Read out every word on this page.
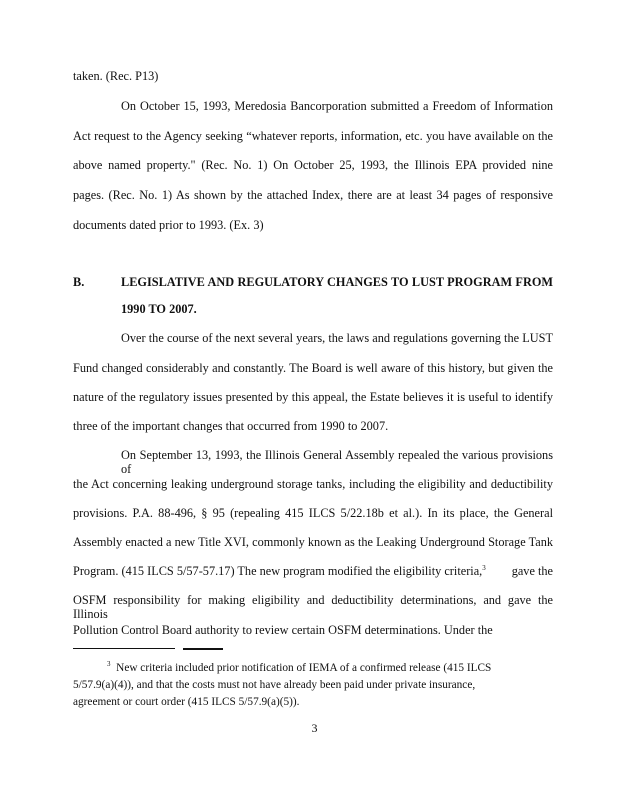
taken. (Rec. P13)
On October 15, 1993, Meredosia Bancorporation submitted a Freedom of Information
Act request to the Agency seeking “whatever reports, information, etc. you have available on the
above named property." (Rec. No. 1) On October 25, 1993, the Illinois EPA provided nine
pages. (Rec. No. 1) As shown by the attached Index, there are at least 34 pages of responsive
documents dated prior to 1993. (Ex. 3)
B.	LEGISLATIVE AND REGULATORY CHANGES TO LUST PROGRAM FROM
1990 TO 2007.
Over the course of the next several years, the laws and regulations governing the LUST
Fund changed considerably and constantly. The Board is well aware of this history, but given the
nature of the regulatory issues presented by this appeal, the Estate believes it is useful to identify
three of the important changes that occurred from 1990 to 2007.
On September 13, 1993, the Illinois General Assembly repealed the various provisions of
the Act concerning leaking underground storage tanks, including the eligibility and deductibility
provisions. P.A. 88-496, § 95 (repealing 415 ILCS 5/22.18b et al.). In its place, the General
Assembly enacted a new Title XVI, commonly known as the Leaking Underground Storage Tank
Program. (415 ILCS 5/57-57.17) The new program modified the eligibility criteria,$^3$ gave the
OSFM responsibility for making eligibility and deductibility determinations, and gave the Illinois
Pollution Control Board authority to review certain OSFM determinations. Under the
$^3$ New criteria included prior notification of IEMA of a confirmed release (415 ILCS
5/57.9(a)(4)), and that the costs must not have already been paid under private insurance,
agreement or court order (415 ILCS 5/57.9(a)(5)).
3
